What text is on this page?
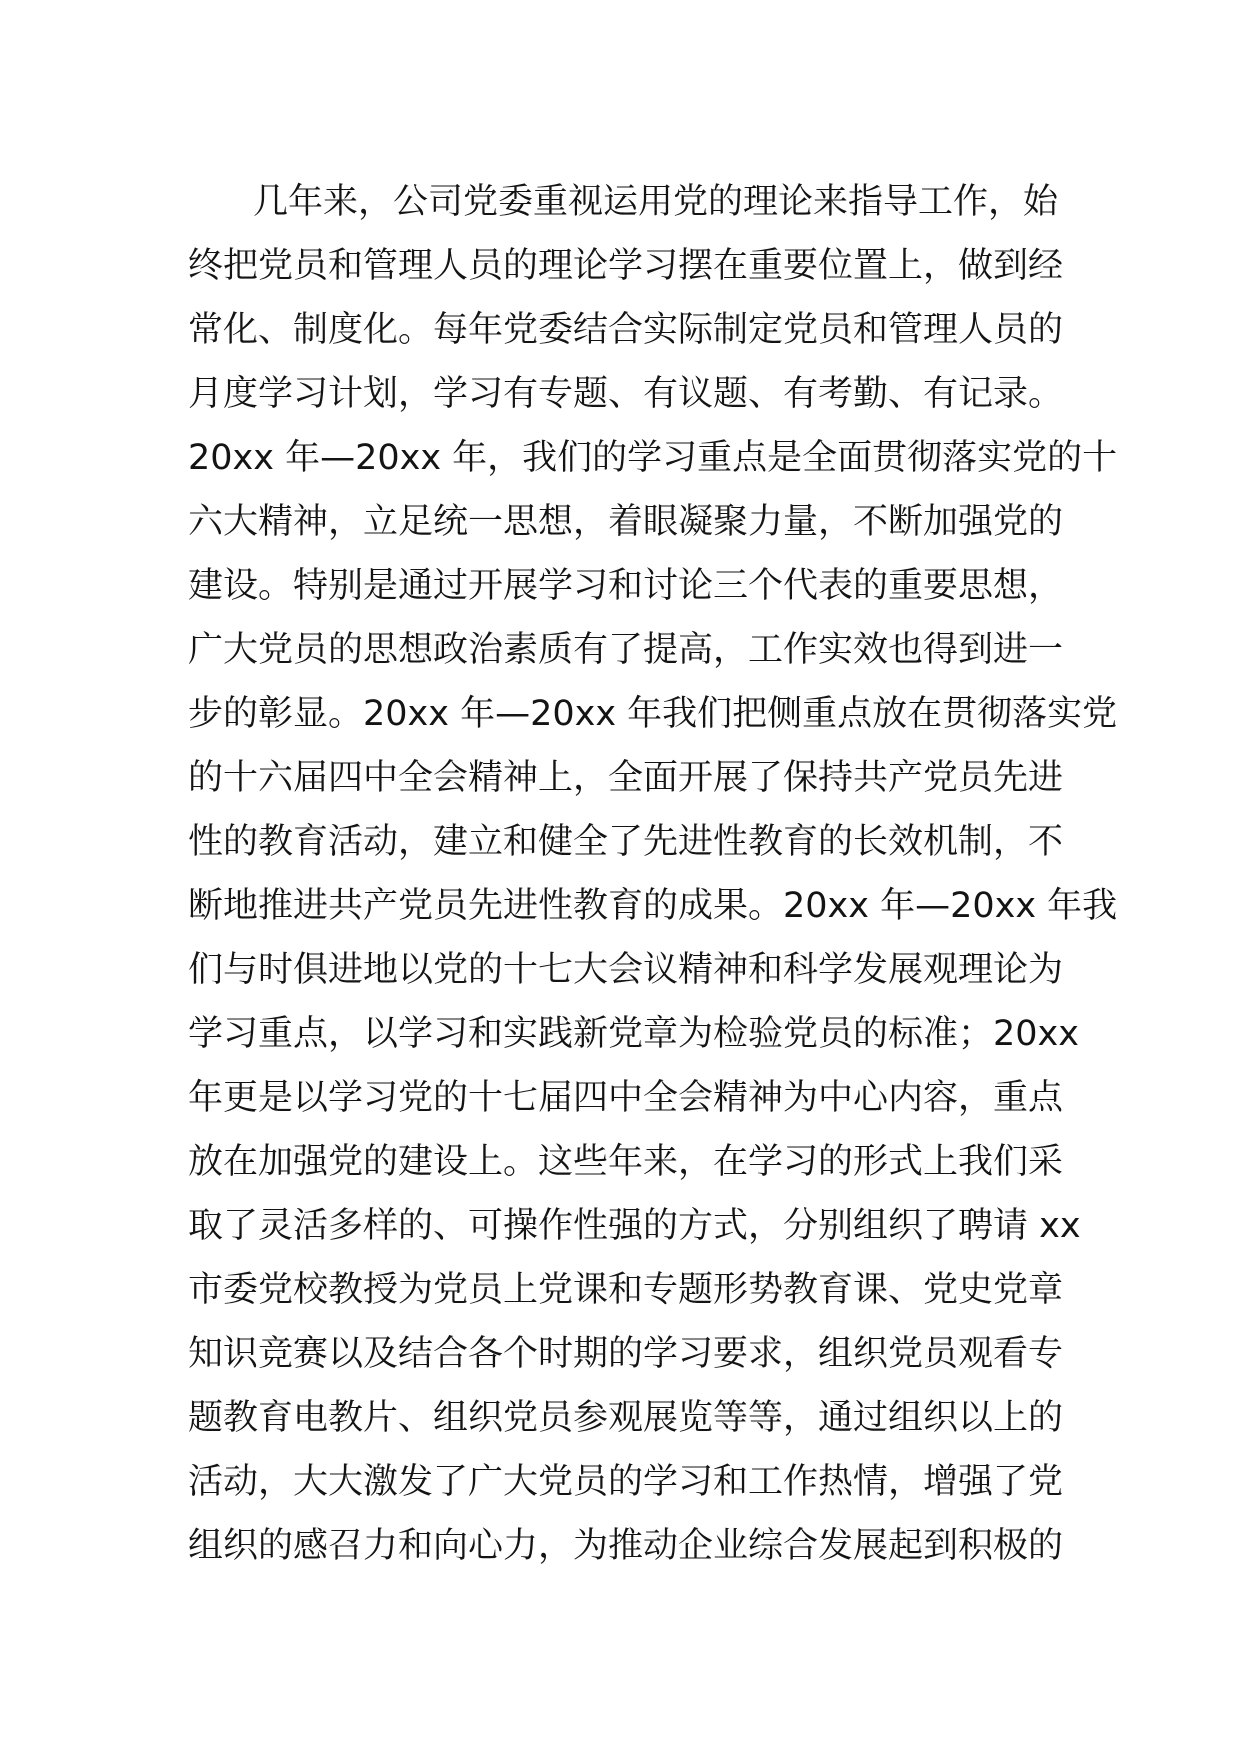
几年来，公司党委重视运用党的理论来指导工作，始
终把党员和管理人员的理论学习摆在重要位置上，做到经
常化、制度化。每年党委结合实际制定党员和管理人员的
月度学习计划，学习有专题、有议题、有考勤、有记录。
20xx 年—20xx 年，我们的学习重点是全面贯彻落实党的十
六大精神，立足统一思想，着眼凝聚力量，不断加强党的
建设。特别是通过开展学习和讨论三个代表的重要思想，
广大党员的思想政治素质有了提高，工作实效也得到进一
步的彰显。20xx 年—20xx 年我们把侧重点放在贯彻落实党
的十六届四中全会精神上，全面开展了保持共产党员先进
性的教育活动，建立和健全了先进性教育的长效机制，不
断地推进共产党员先进性教育的成果。20xx 年—20xx 年我
们与时俱进地以党的十七大会议精神和科学发展观理论为
学习重点，以学习和实践新党章为检验党员的标准；20xx
年更是以学习党的十七届四中全会精神为中心内容，重点
放在加强党的建设上。这些年来，在学习的形式上我们采
取了灵活多样的、可操作性强的方式，分别组织了聘请 xx
市委党校教授为党员上党课和专题形势教育课、党史党章
知识竞赛以及结合各个时期的学习要求，组织党员观看专
题教育电教片、组织党员参观展览等等，通过组织以上的
活动，大大激发了广大党员的学习和工作热情，增强了党
组织的感召力和向心力，为推动企业综合发展起到积极的
